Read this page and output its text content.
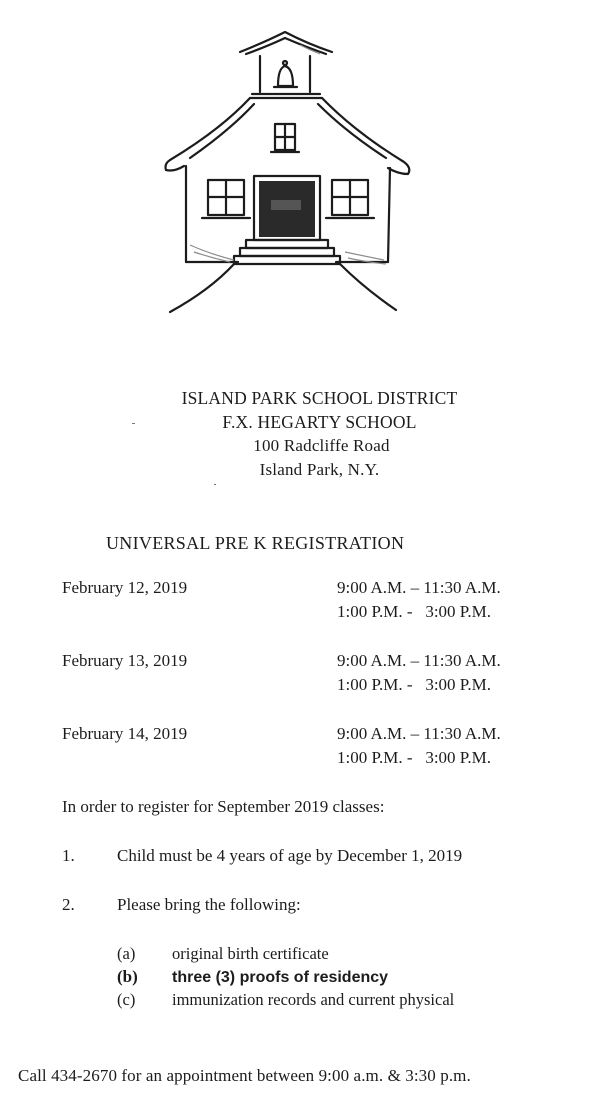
ISLAND PARK SCHOOL DISTRICT
F.X. HEGARTY SCHOOL
100 Radcliffe Road
Island Park, N.Y.
UNIVERSAL PRE K REGISTRATION
February 12, 2019	9:00 A.M. – 11:30 A.M.
1:00 P.M. -   3:00 P.M.
February 13, 2019	9:00 A.M. – 11:30 A.M.
1:00 P.M. -   3:00 P.M.
February 14, 2019	9:00 A.M. – 11:30 A.M.
1:00 P.M. -   3:00 P.M.
In order to register for September 2019 classes:
1. Child must be 4 years of age by December 1, 2019
2. Please bring the following:
(a) original birth certificate
(b) three (3) proofs of residency
(c) immunization records and current physical
Call 434-2670 for an appointment between 9:00 a.m. & 3:30 p.m.
